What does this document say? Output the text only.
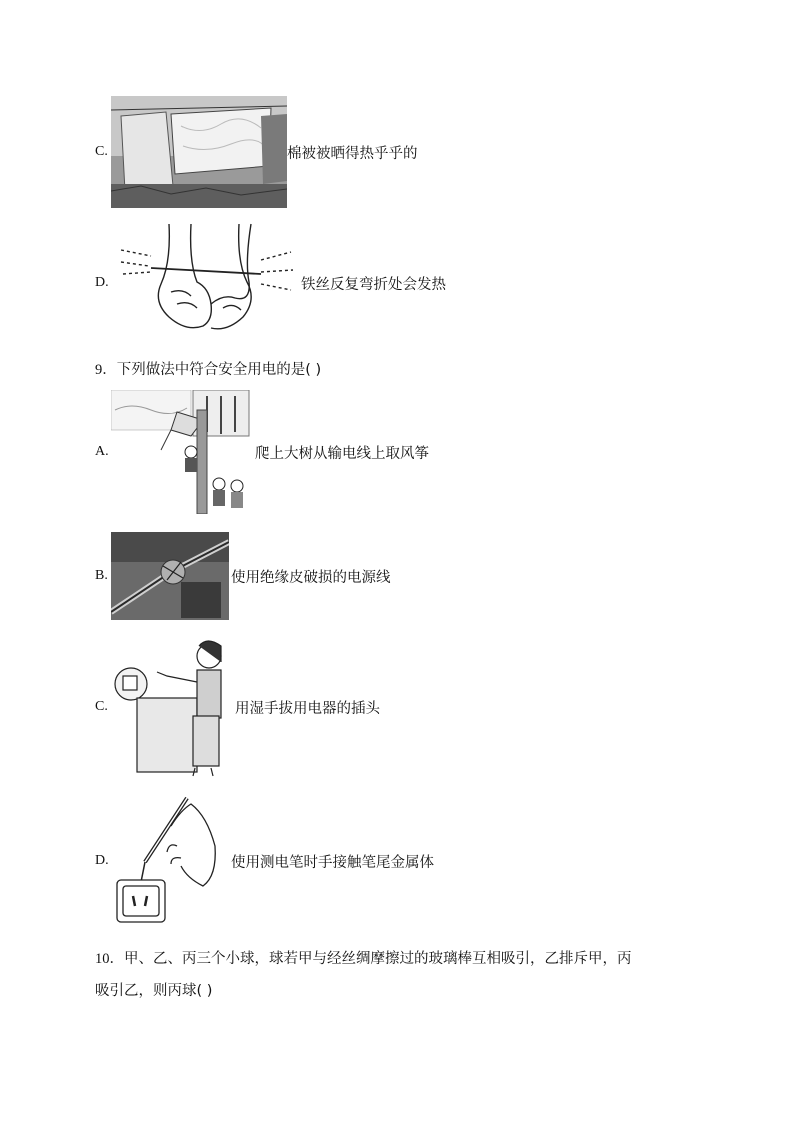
C.	棉被被晒得热乎乎的
D.	铁丝反复弯折处会发热
9．下列做法中符合安全用电的是( )
A.	爬上大树从输电线上取风筝
B.	使用绝缘皮破损的电源线
C.	用湿手拔用电器的插头
D.	使用测电笔时手接触笔尾金属体
10．甲、乙、丙三个小球，球若甲与经丝绸摩擦过的玻璃棒互相吸引，乙排斥甲，丙
吸引乙，则丙球( )
